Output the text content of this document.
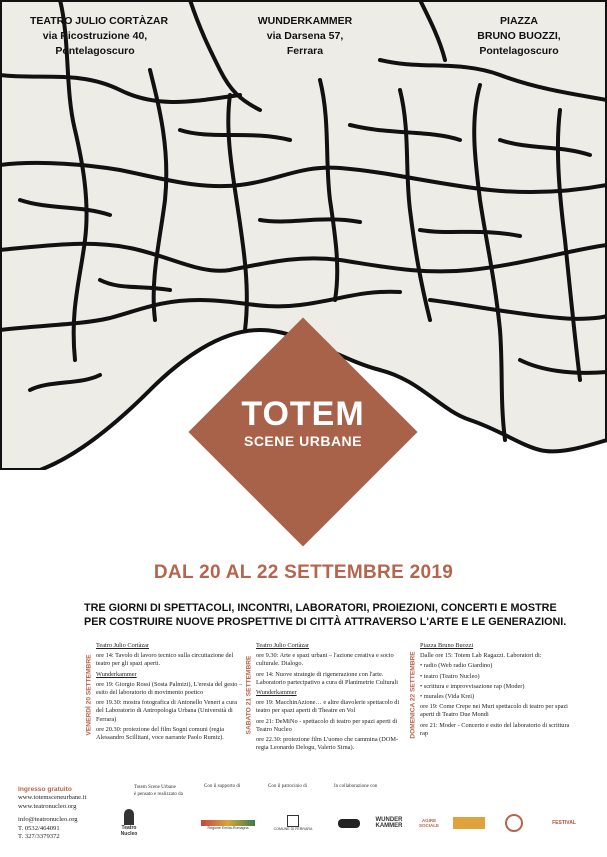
TEATRO JULIO CORTÀZAR
via Ricostruzione 40,
Pontelagoscuro
WUNDERKAMMER
via Darsena 57,
Ferrara
PIAZZA
BRUNO BUOZZI,
Pontelagoscuro
TOTEM
SCENE URBANE
DAL 20 AL 22 SETTEMBRE 2019
TRE GIORNI DI SPETTACOLI, INCONTRI, LABORATORI, PROIEZIONI, CONCERTI E MOSTRE
PER COSTRUIRE NUOVE PROSPETTIVE DI CITTÀ ATTRAVERSO L'ARTE E LE GENERAZIONI.
VENERDÌ 20 SETTEMBRE	SABATO 21 SETTEMBRE	DOMENICA 22 SETTEMBRE
Teatro Julio Cortàzar
ore 14: Tavolo di lavoro tecnico sulla circuitazione del teatro per gli spazi aperti.
Wunderkammer
ore 19: Giorgio Rossi (Sosta Palmizi), L'eresia del gesto – esito del laboratorio di movimento poetico
ore 19.30: mostra fotografica di Antonello Veneri a cura del Laboratorio di Antropologia Urbana (Università di Ferrara)
ore 20.30: proiezione del film Sogni comuni (regia Alessandro Scillitani, voce narrante Paolo Rumiz).
Teatro Julio Cortàzar
ore 9.30: Arte e spazi urbani – l'azione creativa e socio culturale. Dialogo.
ore 14: Nuove strategie di rigenerazione con l'arte. Laboratorio partecipativo a cura di Planimetrie Culturali
Wunderkammer
ore 19: MacchinAzione… e altre diavolerie spettacolo di teatro per spazi aperti di Theatre en Vol
ore 21: DeMiNo - spettacolo di teatro per spazi aperti di Teatro Nucleo
ore 22.30: proiezione film L'uomo che cammina (DOM- regia Leonardo Delogu, Valerio Sirna).
Piazza Bruno Buozzi
Dalle ore 15: Totem Lab Ragazzi. Laboratori di:
• radio (Web radio Giardino)
• teatro (Teatro Nucleo)
• scrittura e improvvisazione rap (Moder)
• murales (Vida Krei)
ore 19: Come Crepe nei Muri spettacolo di teatro per spazi aperti di Teatro Due Mondi
ore 21: Moder - Concerto e esito del laboratorio di scrittura rap
Ingresso gratuito
www.totemsceneurbane.it
www.teatronucleo.org
info@teatronucleo.org
T. 0532/464091
T. 327/3379372
Totem Scene Urbane
è pensato e realizzato da
Con il supporto di	Con il patrocinio di	In collaborazione con
Teatro Nucleo
Regione Emilia-Romagna	COMUNE DI FERRARA
WUNDER KAMMER
AGIRE SOCIALE	FESTIVAL
